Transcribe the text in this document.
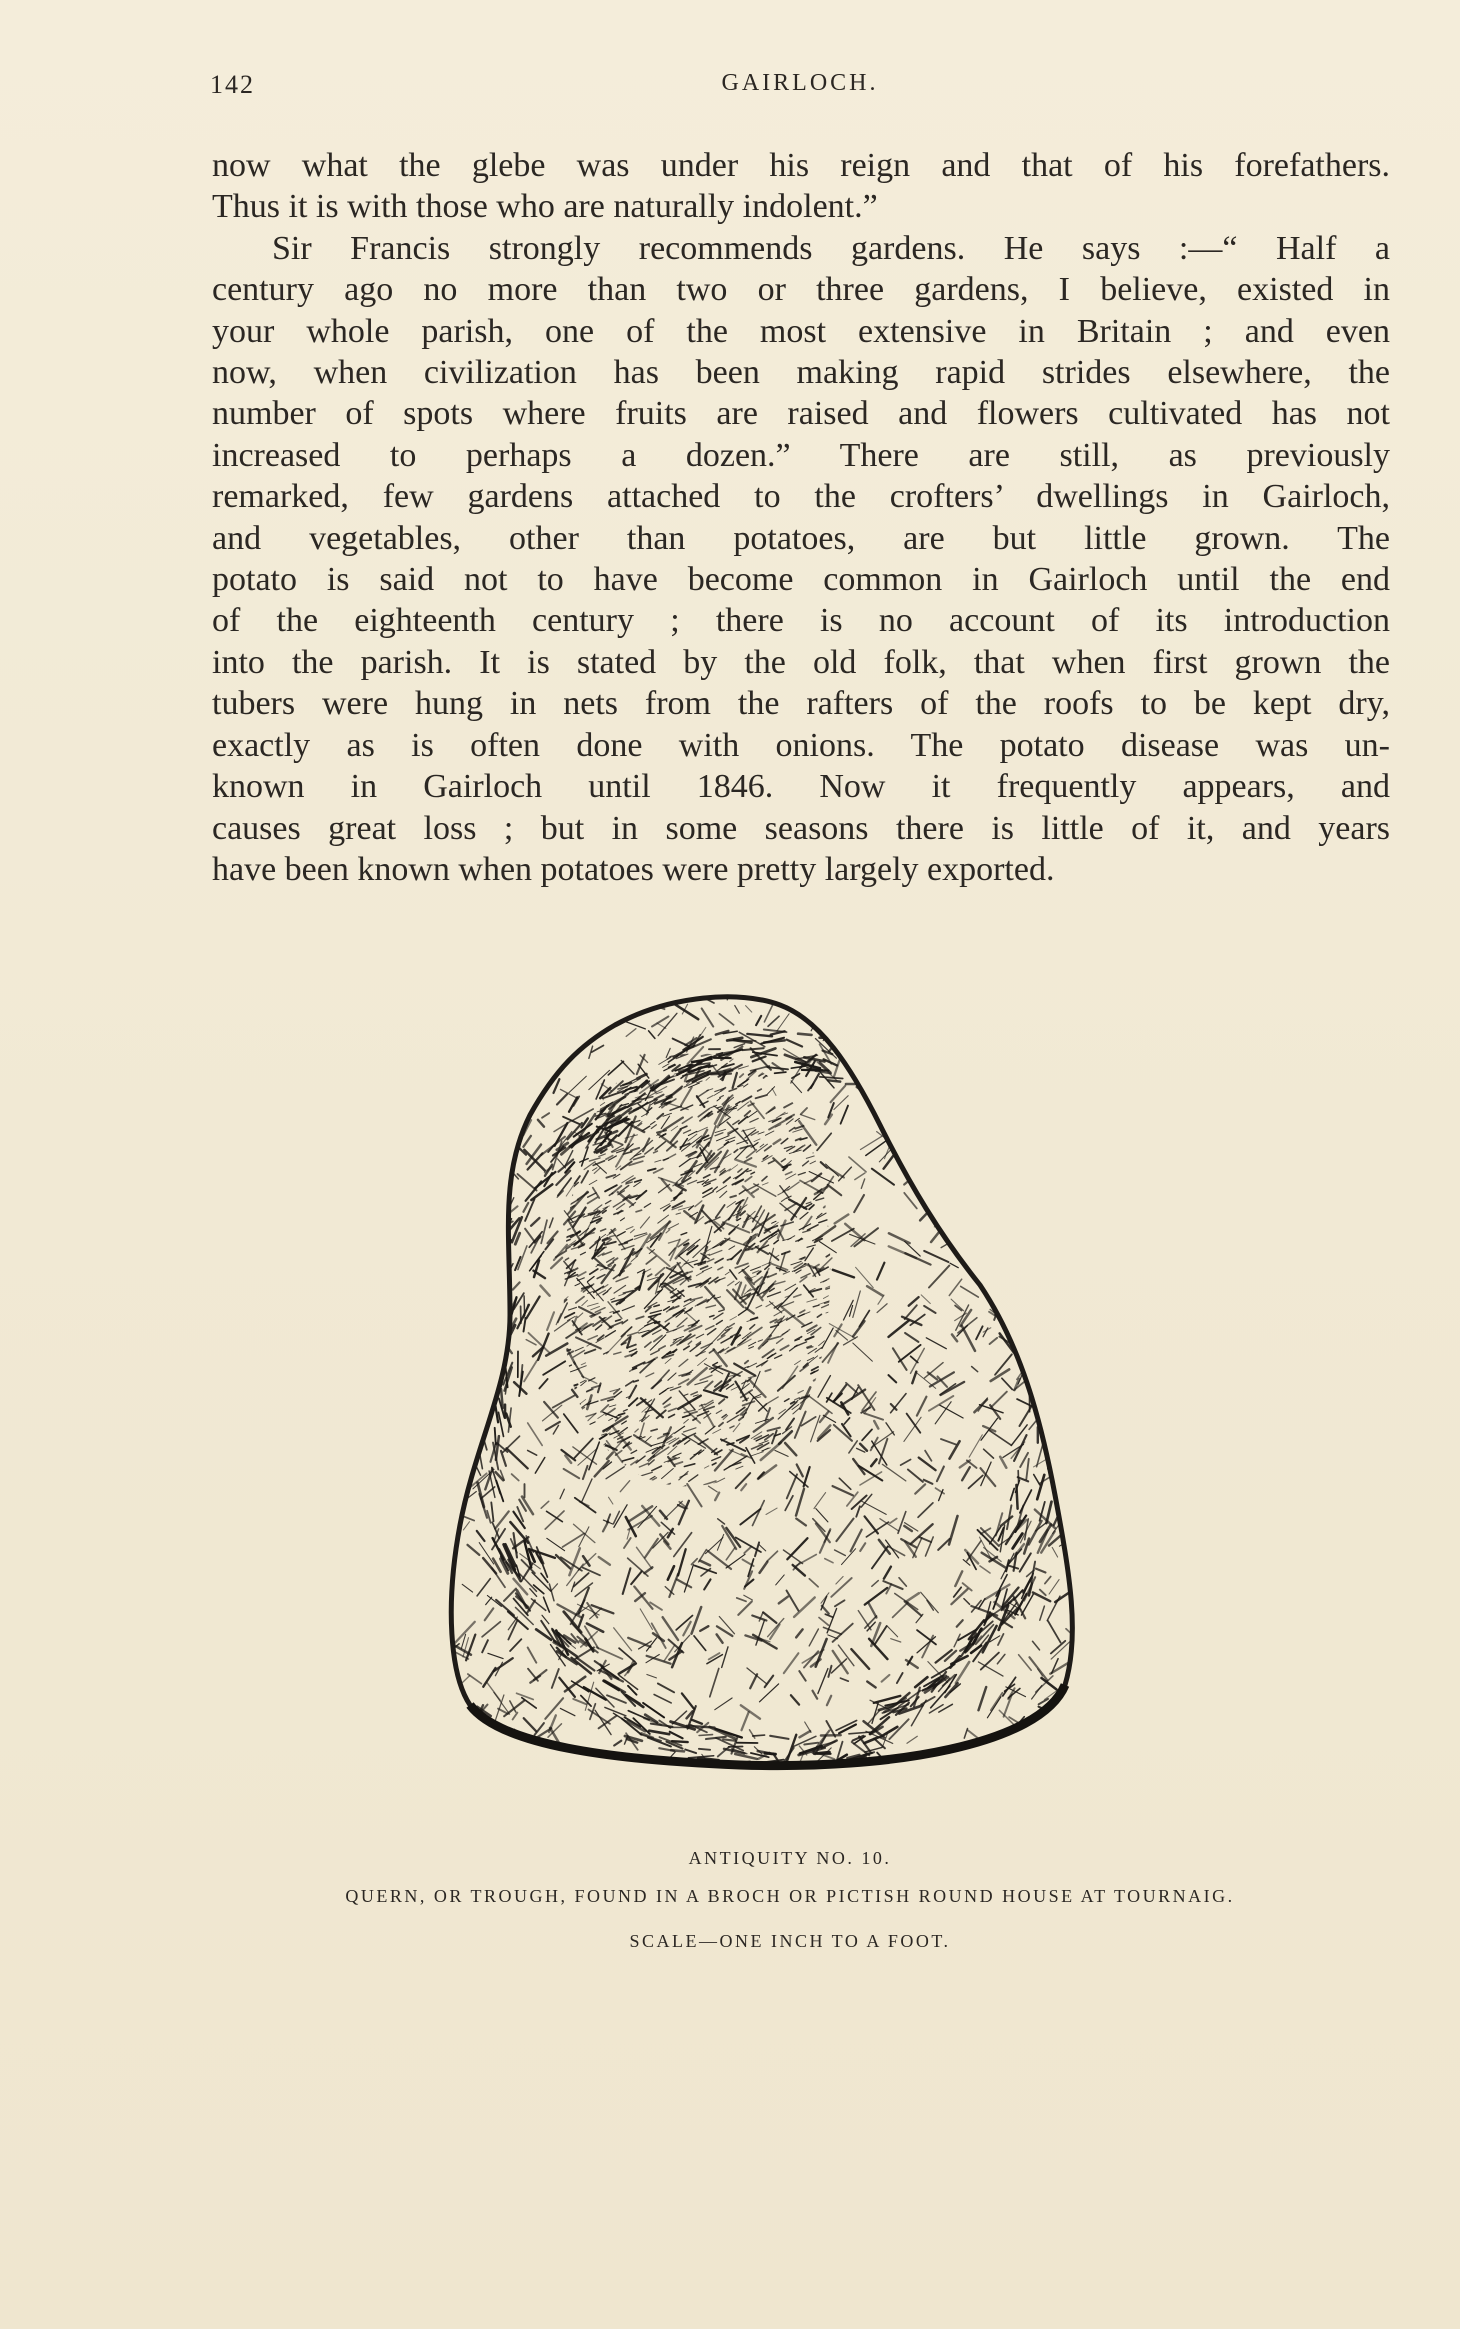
142	GAIRLOCH.

now what the glebe was under his reign and that of his forefathers.

Thus it is with those who are naturally indolent.”

Sir Francis strongly recommends gardens. He says :—“ Half a

century ago no more than two or three gardens, I believe, existed in

your whole parish, one of the most extensive in Britain ; and even

now, when civilization has been making rapid strides elsewhere, the

number of spots where fruits are raised and flowers cultivated has not

increased to perhaps a dozen.” There are still, as previously

remarked, few gardens attached to the crofters’ dwellings in Gairloch,

and vegetables, other than potatoes, are but little grown. The

potato is said not to have become common in Gairloch until the end

of the eighteenth century ; there is no account of its introduction

into the parish. It is stated by the old folk, that when first grown the

tubers were hung in nets from the rafters of the roofs to be kept dry,

exactly as is often done with onions. The potato disease was un-

known in Gairloch until 1846. Now it frequently appears, and

causes great loss ; but in some seasons there is little of it, and years

have been known when potatoes were pretty largely exported.

ANTIQUITY NO. 10.
QUERN, OR TROUGH, FOUND IN A BROCH OR PICTISH ROUND HOUSE AT TOURNAIG.
SCALE—ONE INCH TO A FOOT.
